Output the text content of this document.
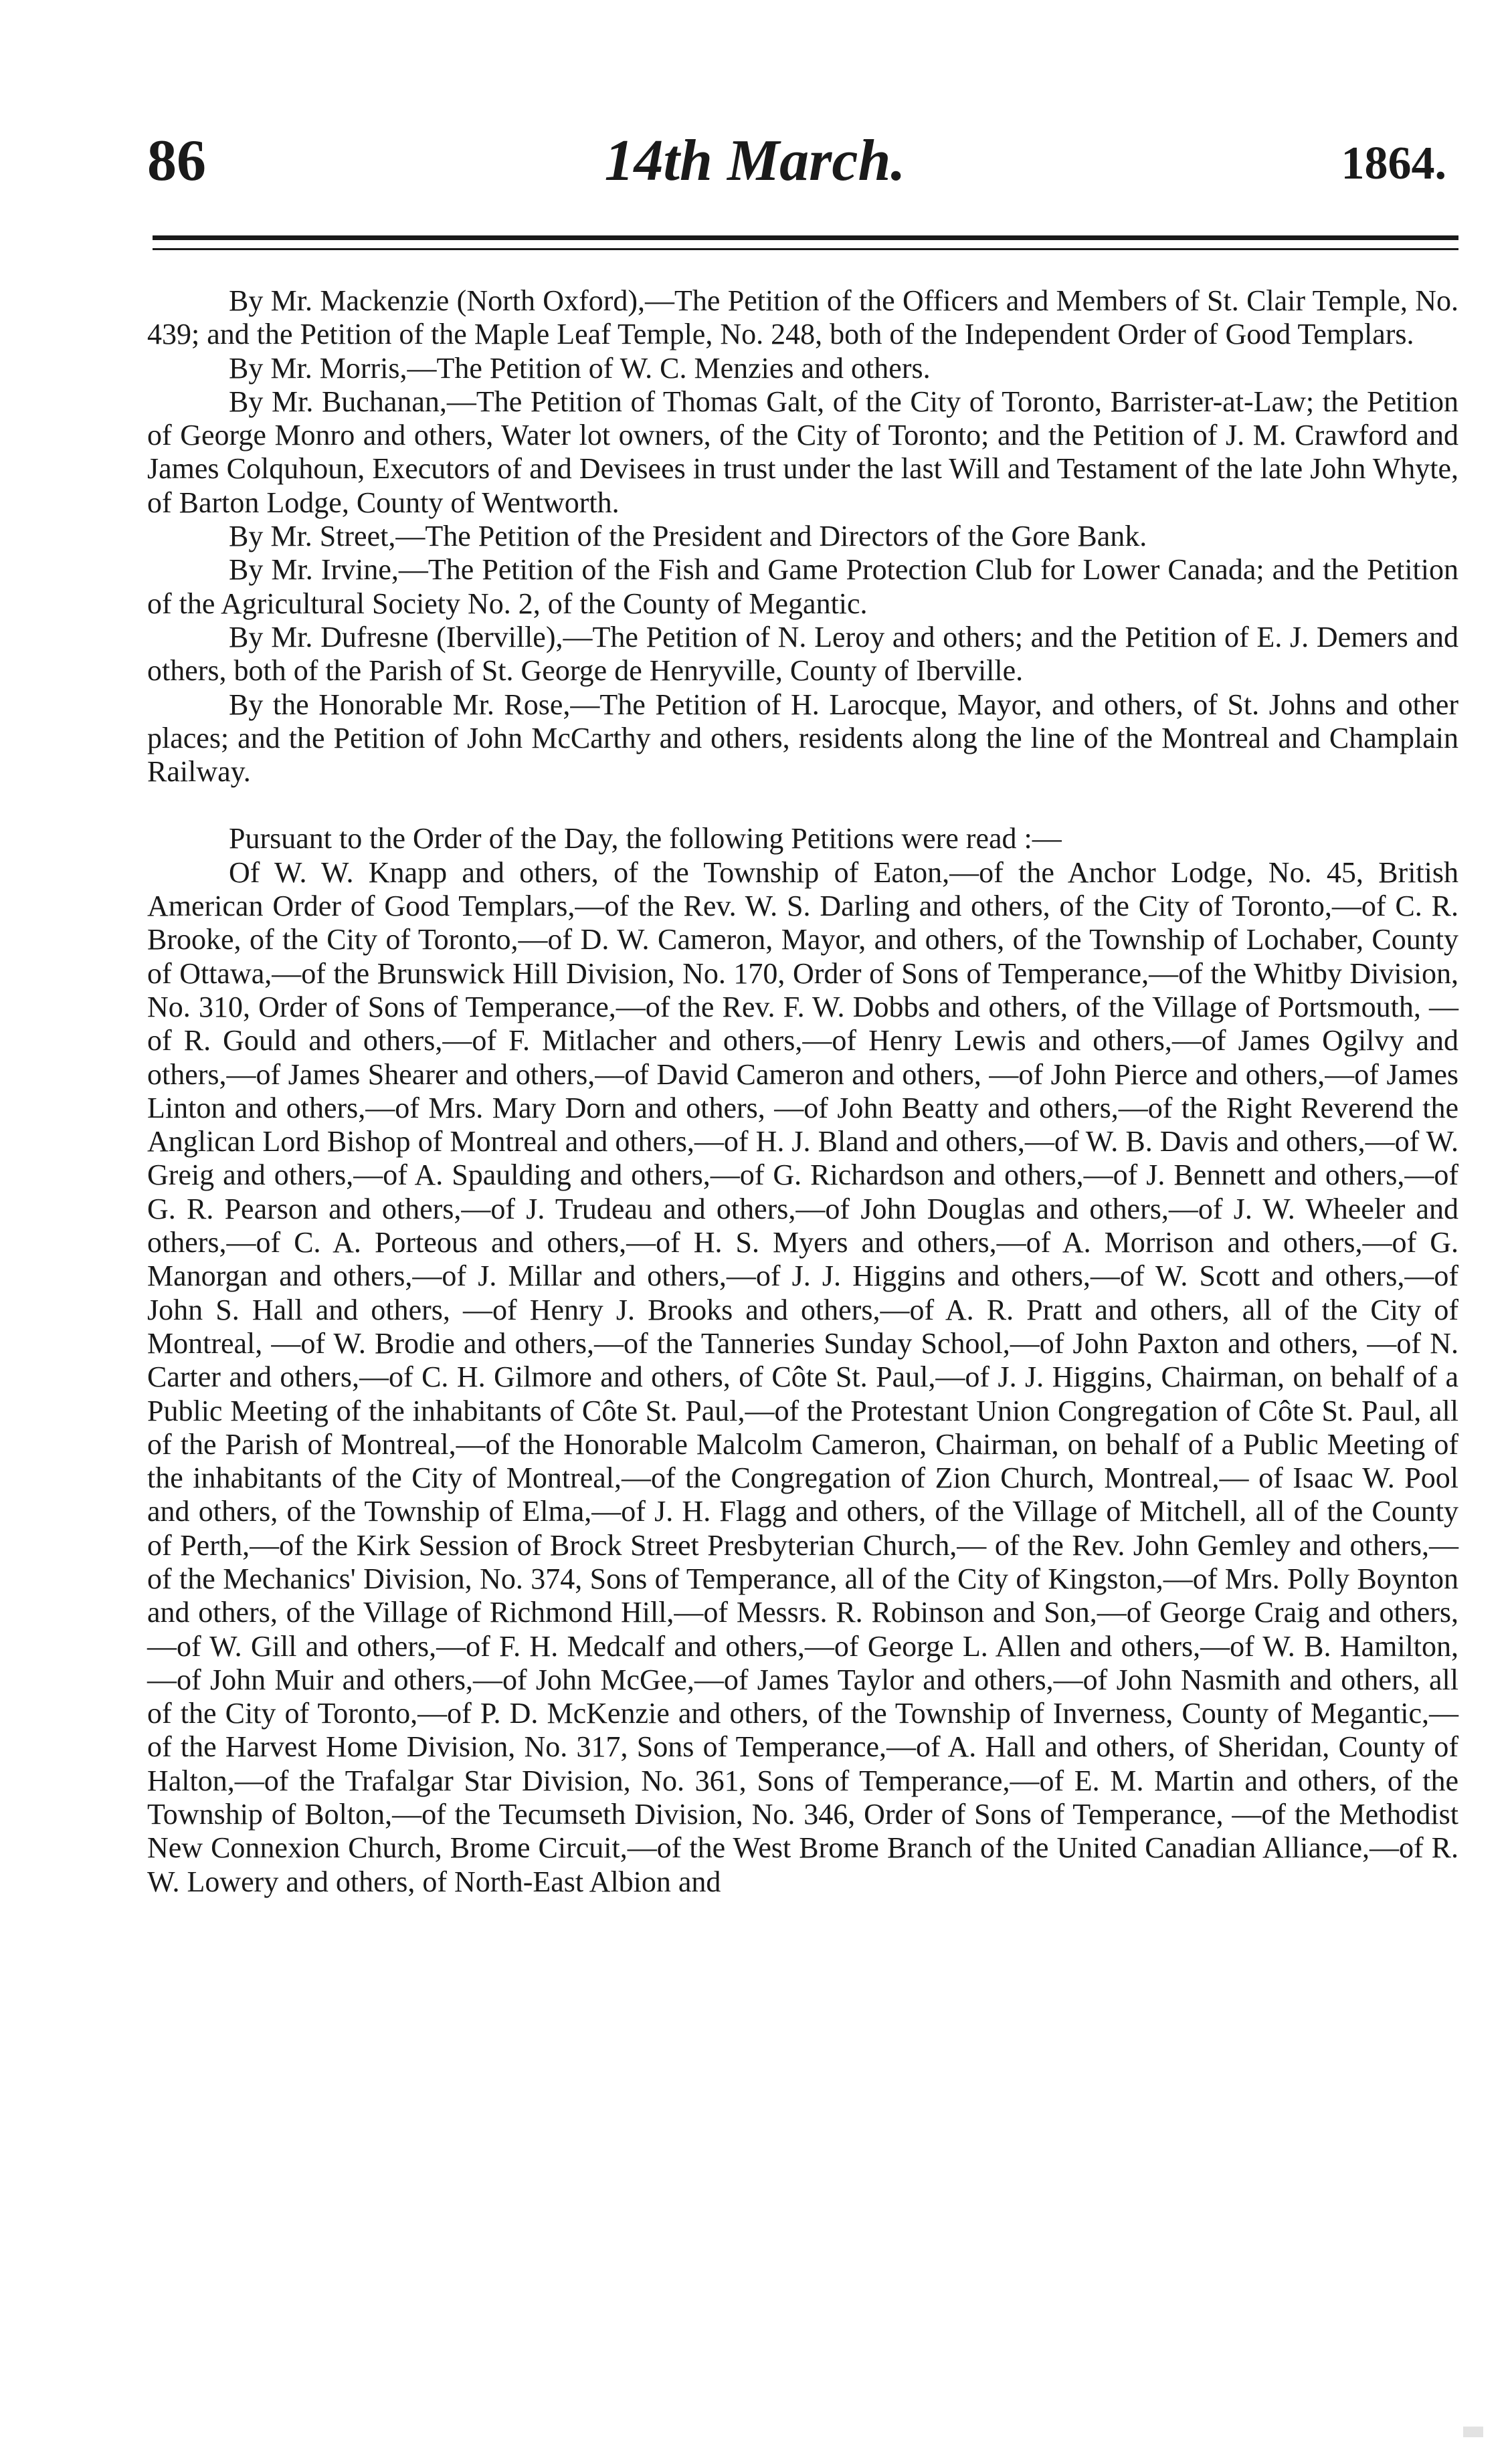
86	14th March.	1864.

By Mr. Mackenzie (North Oxford),—The Petition of the Officers and Members of St. Clair Temple, No. 439; and the Petition of the Maple Leaf Temple, No. 248, both of the Independent Order of Good Templars.

By Mr. Morris,—The Petition of W. C. Menzies and others.

By Mr. Buchanan,—The Petition of Thomas Galt, of the City of Toronto, Barrister-at-Law; the Petition of George Monro and others, Water lot owners, of the City of Toronto; and the Petition of J. M. Crawford and James Colquhoun, Executors of and Devisees in trust under the last Will and Testament of the late John Whyte, of Barton Lodge, County of Wentworth.

By Mr. Street,—The Petition of the President and Directors of the Gore Bank.

By Mr. Irvine,—The Petition of the Fish and Game Protection Club for Lower Canada; and the Petition of the Agricultural Society No. 2, of the County of Megantic.

By Mr. Dufresne (Iberville),—The Petition of N. Leroy and others; and the Petition of E. J. Demers and others, both of the Parish of St. George de Henryville, County of Iberville.

By the Honorable Mr. Rose,—The Petition of H. Larocque, Mayor, and others, of St. Johns and other places; and the Petition of John McCarthy and others, residents along the line of the Montreal and Champlain Railway.

Pursuant to the Order of the Day, the following Petitions were read :—

Of W. W. Knapp and others, of the Township of Eaton,—of the Anchor Lodge, No. 45, British American Order of Good Templars,—of the Rev. W. S. Darling and others, of the City of Toronto,—of C. R. Brooke, of the City of Toronto,—of D. W. Cameron, Mayor, and others, of the Township of Lochaber, County of Ottawa,—of the Brunswick Hill Division, No. 170, Order of Sons of Temperance,—of the Whitby Division, No. 310, Order of Sons of Temperance,—of the Rev. F. W. Dobbs and others, of the Village of Portsmouth, —of R. Gould and others,—of F. Mitlacher and others,—of Henry Lewis and others,—of James Ogilvy and others,—of James Shearer and others,—of David Cameron and others, —of John Pierce and others,—of James Linton and others,—of Mrs. Mary Dorn and others, —of John Beatty and others,—of the Right Reverend the Anglican Lord Bishop of Montreal and others,—of H. J. Bland and others,—of W. B. Davis and others,—of W. Greig and others,—of A. Spaulding and others,—of G. Richardson and others,—of J. Bennett and others,—of G. R. Pearson and others,—of J. Trudeau and others,—of John Douglas and others,—of J. W. Wheeler and others,—of C. A. Porteous and others,—of H. S. Myers and others,—of A. Morrison and others,—of G. Manorgan and others,—of J. Millar and others,—of J. J. Higgins and others,—of W. Scott and others,—of John S. Hall and others, —of Henry J. Brooks and others,—of A. R. Pratt and others, all of the City of Montreal, —of W. Brodie and others,—of the Tanneries Sunday School,—of John Paxton and others, —of N. Carter and others,—of C. H. Gilmore and others, of Côte St. Paul,—of J. J. Higgins, Chairman, on behalf of a Public Meeting of the inhabitants of Côte St. Paul,—of the Protestant Union Congregation of Côte St. Paul, all of the Parish of Montreal,—of the Honorable Malcolm Cameron, Chairman, on behalf of a Public Meeting of the inhabitants of the City of Montreal,—of the Congregation of Zion Church, Montreal,— of Isaac W. Pool and others, of the Township of Elma,—of J. H. Flagg and others, of the Village of Mitchell, all of the County of Perth,—of the Kirk Session of Brock Street Presbyterian Church,— of the Rev. John Gemley and others,—of the Mechanics' Division, No. 374, Sons of Temperance, all of the City of Kingston,—of Mrs. Polly Boynton and others, of the Village of Richmond Hill,—of Messrs. R. Robinson and Son,—of George Craig and others,—of W. Gill and others,—of F. H. Medcalf and others,—of George L. Allen and others,—of W. B. Hamilton,—of John Muir and others,—of John McGee,—of James Taylor and others,—of John Nasmith and others, all of the City of Toronto,—of P. D. McKenzie and others, of the Township of Inverness, County of Megantic,—of the Harvest Home Division, No. 317, Sons of Temperance,—of A. Hall and others, of Sheridan, County of Halton,—of the Trafalgar Star Division, No. 361, Sons of Temperance,—of E. M. Martin and others, of the Township of Bolton,—of the Tecumseth Division, No. 346, Order of Sons of Temperance, —of the Methodist New Connexion Church, Brome Circuit,—of the West Brome Branch of the United Canadian Alliance,—of R. W. Lowery and others, of North-East Albion and
